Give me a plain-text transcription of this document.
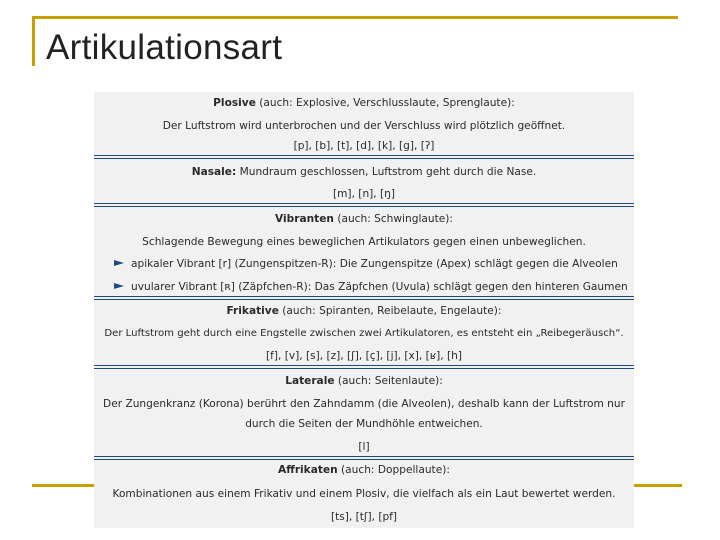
Artikulationsart
Plosive (auch: Explosive, Verschlusslaute, Sprenglaute):
Der Luftstrom wird unterbrochen und der Verschluss wird plötzlich geöffnet.
[p], [b], [t], [d], [k], [g], [ʔ]
Nasale: Mundraum geschlossen, Luftstrom geht durch die Nase.
[m], [n], [ŋ]
Vibranten (auch: Schwinglaute):
Schlagende Bewegung eines beweglichen Artikulators gegen einen unbeweglichen.
apikaler Vibrant [r] (Zungenspitzen-R): Die Zungenspitze (Apex) schlägt gegen die Alveolen
uvularer Vibrant [ʀ] (Zäpfchen-R): Das Zäpfchen (Uvula) schlägt gegen den hinteren Gaumen
Frikative (auch: Spiranten, Reibelaute, Engelaute):
Der Luftstrom geht durch eine Engstelle zwischen zwei Artikulatoren, es entsteht ein „Reibegeräusch“.
[f], [v], [s], [z], [ʃ], [ç], [j], [x], [ʁ], [h]
Laterale (auch: Seitenlaute):
Der Zungenkranz (Korona) berührt den Zahndamm (die Alveolen), deshalb kann der Luftstrom nur
durch die Seiten der Mundhöhle entweichen.
[l]
Affrikaten (auch: Doppellaute):
Kombinationen aus einem Frikativ und einem Plosiv, die vielfach als ein Laut bewertet werden.
[ts], [tʃ], [pf]
